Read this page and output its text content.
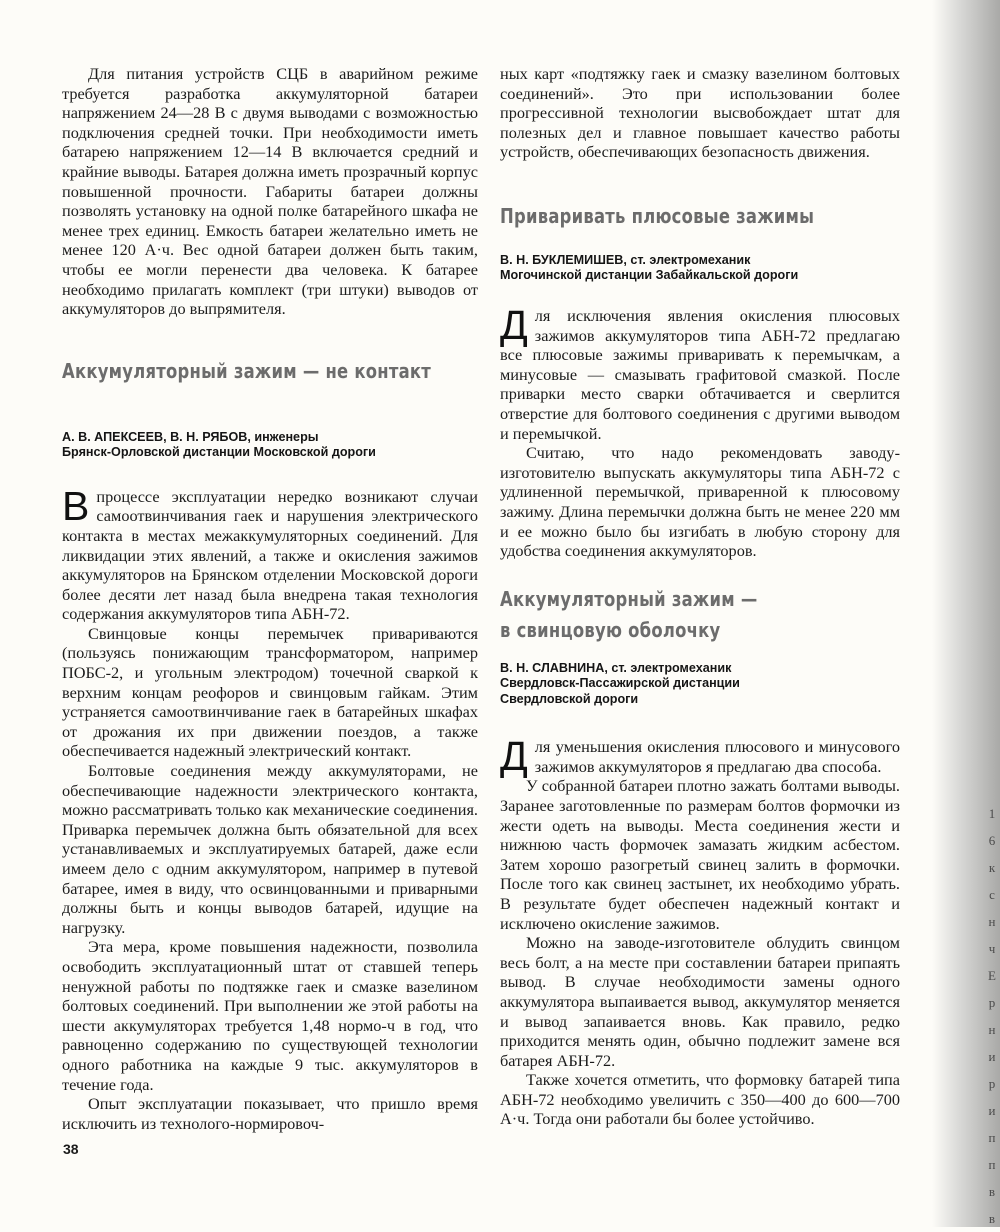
1 6 к с н ч Е р н и р и п п в в

Для питания устройств СЦБ в аварийном режиме требуется разработка аккумуляторной батареи напряжением 24—28 В с двумя выводами с возможностью подключения средней точки. При необходимости иметь батарею напряжением 12—14 В включается средний и крайние выводы. Батарея должна иметь прозрачный корпус повышенной прочности. Габариты батареи должны позволять установку на одной полке батарейного шкафа не менее трех единиц. Емкость батареи желательно иметь не менее 120 А·ч. Вес одной батареи должен быть таким, чтобы ее могли перенести два человека. К батарее необходимо прилагать комплект (три штуки) выводов от аккумуляторов до выпрямителя.

Аккумуляторный зажим — не контакт

А. В. АПЕКСЕЕВ, В. Н. РЯБОВ, инженеры

Брянск-Орловской дистанции Московской дороги

Впроцессе эксплуатации нередко возникают случаи самоотвинчивания гаек и нарушения электрического контакта в местах межаккумуляторных соединений. Для ликвидации этих явлений, а также и окисления зажимов аккумуляторов на Брянском отделении Московской дороги более десяти лет назад была внедрена такая технология содержания аккумуляторов типа АБН-72.

Свинцовые концы перемычек привариваются (пользуясь понижающим трансформатором, например ПОБС-2, и угольным электродом) точечной сваркой к верхним концам реофоров и свинцовым гайкам. Этим устраняется самоотвинчивание гаек в батарейных шкафах от дрожания их при движении поездов, а также обеспечивается надежный электрический контакт.

Болтовые соединения между аккумуляторами, не обеспечивающие надежности электрического контакта, можно рассматривать только как механические соединения. Приварка перемычек должна быть обязательной для всех устанавливаемых и эксплуатируемых батарей, даже если имеем дело с одним аккумулятором, например в путевой батарее, имея в виду, что освинцованными и приварными должны быть и концы выводов батарей, идущие на нагрузку.

Эта мера, кроме повышения надежности, позволила освободить эксплуатационный штат от ставшей теперь ненужной работы по подтяжке гаек и смазке вазелином болтовых соединений. При выполнении же этой работы на шести аккумуляторах требуется 1,48 нормо-ч в год, что равноценно содержанию по существующей технологии одного работника на каждые 9 тыс. аккумуляторов в течение года.

Опыт эксплуатации показывает, что пришло время исключить из технолого-нормировоч-

ных карт «подтяжку гаек и смазку вазелином болтовых соединений». Это при использовании более прогрессивной технологии высвобождает штат для полезных дел и главное повышает качество работы устройств, обеспечивающих безопасность движения.

Приваривать плюсовые зажимы

В. Н. БУКЛЕМИШЕВ, ст. электромеханик

Могочинской дистанции Забайкальской дороги

Для исключения явления окисления плюсовых зажимов аккумуляторов типа АБН-72 предлагаю все плюсовые зажимы приваривать к перемычкам, а минусовые — смазывать графитовой смазкой. После приварки место сварки обтачивается и сверлится отверстие для болтового соединения с другими выводом и перемычкой.

Считаю, что надо рекомендовать заводу-изготовителю выпускать аккумуляторы типа АБН-72 с удлиненной перемычкой, приваренной к плюсовому зажиму. Длина перемычки должна быть не менее 220 мм и ее можно было бы изгибать в любую сторону для удобства соединения аккумуляторов.

Аккумуляторный зажим —

в свинцовую оболочку

В. Н. СЛАВНИНА, ст. электромеханик

Свердловск-Пассажирской дистанции

Свердловской дороги

Для уменьшения окисления плюсового и минусового зажимов аккумуляторов я предлагаю два способа.

У собранной батареи плотно зажать болтами выводы. Заранее заготовленные по размерам болтов формочки из жести одеть на выводы. Места соединения жести и нижнюю часть формочек замазать жидким асбестом. Затем хорошо разогретый свинец залить в формочки. После того как свинец застынет, их необходимо убрать. В результате будет обеспечен надежный контакт и исключено окисление зажимов.

Можно на заводе-изготовителе облудить свинцом весь болт, а на месте при составлении батареи припаять вывод. В случае необходимости замены одного аккумулятора выпаивается вывод, аккумулятор меняется и вывод запаивается вновь. Как правило, редко приходится менять один, обычно подлежит замене вся батарея АБН-72.

Также хочется отметить, что формовку батарей типа АБН-72 необходимо увеличить с 350—400 до 600—700 А·ч. Тогда они работали бы более устойчиво.

38
